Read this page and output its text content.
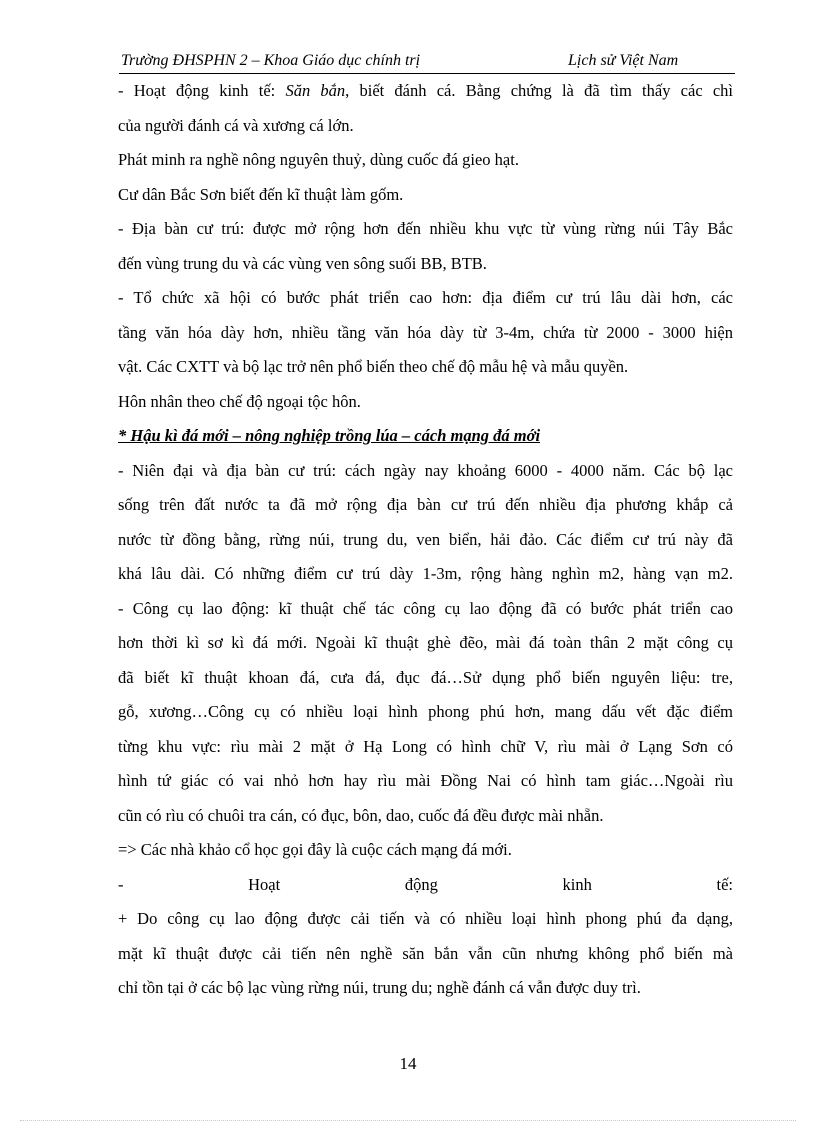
Trường ĐHSPHN 2 – Khoa Giáo dục chính trị	Lịch sử Việt Nam
- Hoạt động kinh tế: Săn bắn, biết đánh cá. Bằng chứng là đã tìm thấy các chì
của người đánh cá và xương cá lớn.
Phát minh ra nghề nông nguyên thuỷ, dùng cuốc đá gieo hạt.
Cư dân Bắc Sơn biết đến kĩ thuật làm gốm.
- Địa bàn cư trú: được mở rộng hơn đến nhiều khu vực từ vùng rừng núi Tây Bắc
đến vùng trung du và các vùng ven sông suối BB, BTB.
- Tổ chức xã hội có bước phát triển cao hơn: địa điểm cư trú lâu dài hơn, các
tầng văn hóa dày hơn, nhiều tầng văn hóa dày từ 3-4m, chứa từ 2000 - 3000 hiện
vật. Các CXTT và bộ lạc trở nên phổ biến theo chế độ mẫu hệ và mẫu quyền.
Hôn nhân theo chế độ ngoại tộc hôn.
* Hậu kì đá mới – nông nghiệp trồng lúa – cách mạng đá mới
- Niên đại và địa bàn cư trú: cách ngày nay khoảng 6000 - 4000 năm. Các bộ lạc
sống trên đất nước ta đã mở rộng địa bàn cư trú đến nhiều địa phương khắp cả
nước từ đồng bằng, rừng núi, trung du, ven biển, hải đảo. Các điểm cư trú này đã
khá lâu dài. Có những điểm cư trú dày 1-3m, rộng hàng nghìn m2, hàng vạn m2.
- Công cụ lao động: kĩ thuật chế tác công cụ lao động đã có bước phát triển cao
hơn thời kì sơ kì đá mới. Ngoài kĩ thuật ghè đẽo, mài đá toàn thân 2 mặt công cụ
đã biết kĩ thuật khoan đá, cưa đá, đục đá…Sử dụng phổ biến nguyên liệu: tre,
gỗ, xương…Công cụ có nhiều loại hình phong phú hơn, mang dấu vết đặc điểm
từng khu vực: rìu mài 2 mặt ở Hạ Long có hình chữ V, rìu mài ở Lạng Sơn có
hình tứ giác có vai nhỏ hơn hay rìu mài Đồng Nai có hình tam giác…Ngoài rìu
cũn có rìu có chuôi tra cán, có đục, bôn, dao, cuốc đá đều được mài nhẵn.
=> Các nhà khảo cổ học gọi đây là cuộc cách mạng đá mới.
-	Hoạt	động	kinh	tế:
+ Do công cụ lao động được cải tiến và có nhiều loại hình phong phú đa dạng,
mặt kĩ thuật được cải tiến nên nghề săn bắn vẫn cũn nhưng không phổ biến mà
chỉ tồn tại ở các bộ lạc vùng rừng núi, trung du; nghề đánh cá vẫn được duy trì.
14
